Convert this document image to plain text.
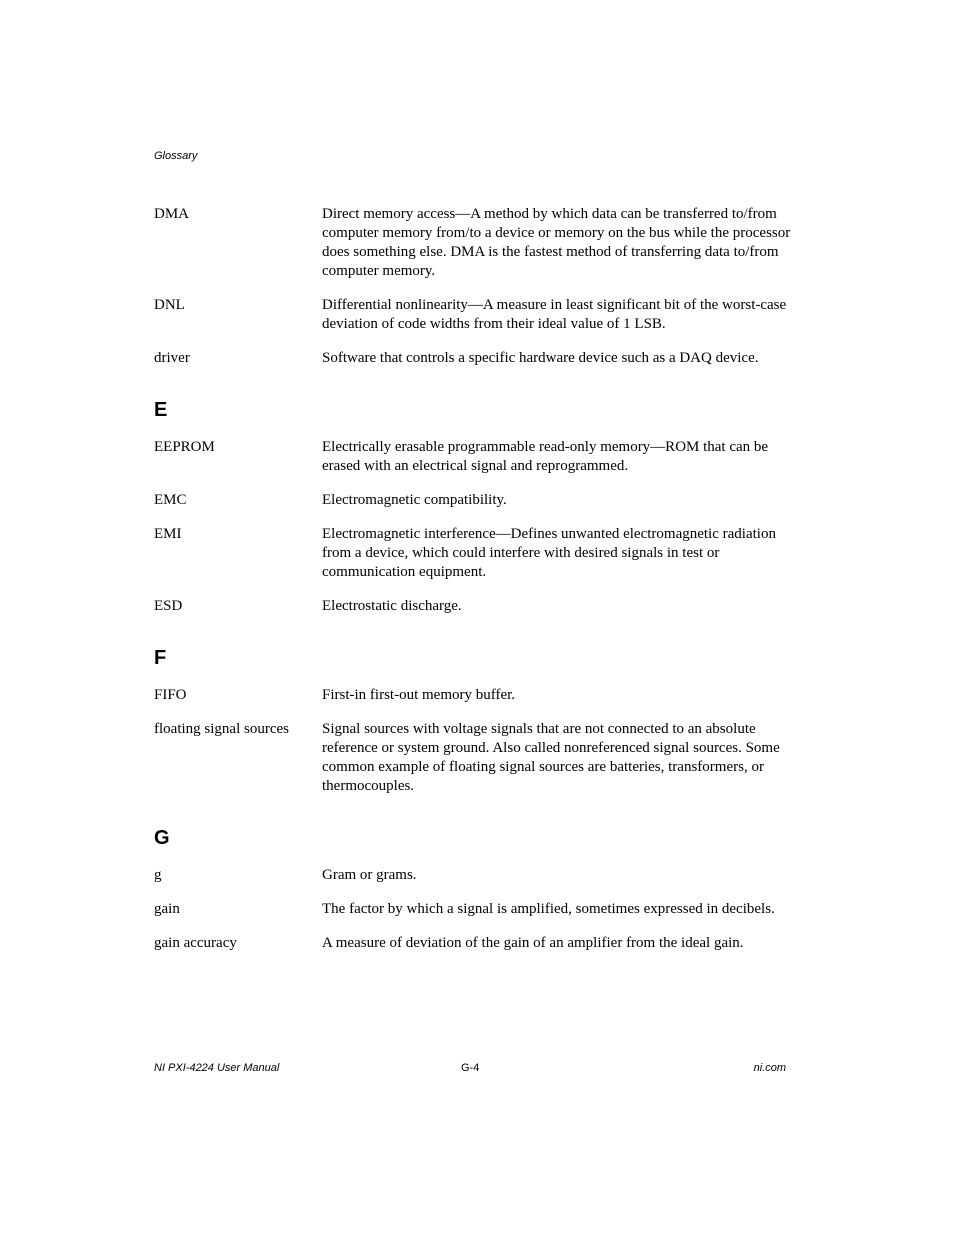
Glossary
DMA	Direct memory access—A method by which data can be transferred to/from computer memory from/to a device or memory on the bus while the processor does something else. DMA is the fastest method of transferring data to/from computer memory.
DNL	Differential nonlinearity—A measure in least significant bit of the worst-case deviation of code widths from their ideal value of 1 LSB.
driver	Software that controls a specific hardware device such as a DAQ device.
E
EEPROM	Electrically erasable programmable read-only memory—ROM that can be erased with an electrical signal and reprogrammed.
EMC	Electromagnetic compatibility.
EMI	Electromagnetic interference—Defines unwanted electromagnetic radiation from a device, which could interfere with desired signals in test or communication equipment.
ESD	Electrostatic discharge.
F
FIFO	First-in first-out memory buffer.
floating signal sources	Signal sources with voltage signals that are not connected to an absolute reference or system ground. Also called nonreferenced signal sources. Some common example of floating signal sources are batteries, transformers, or thermocouples.
G
g	Gram or grams.
gain	The factor by which a signal is amplified, sometimes expressed in decibels.
gain accuracy	A measure of deviation of the gain of an amplifier from the ideal gain.
NI PXI-4224 User Manual	G-4	ni.com
